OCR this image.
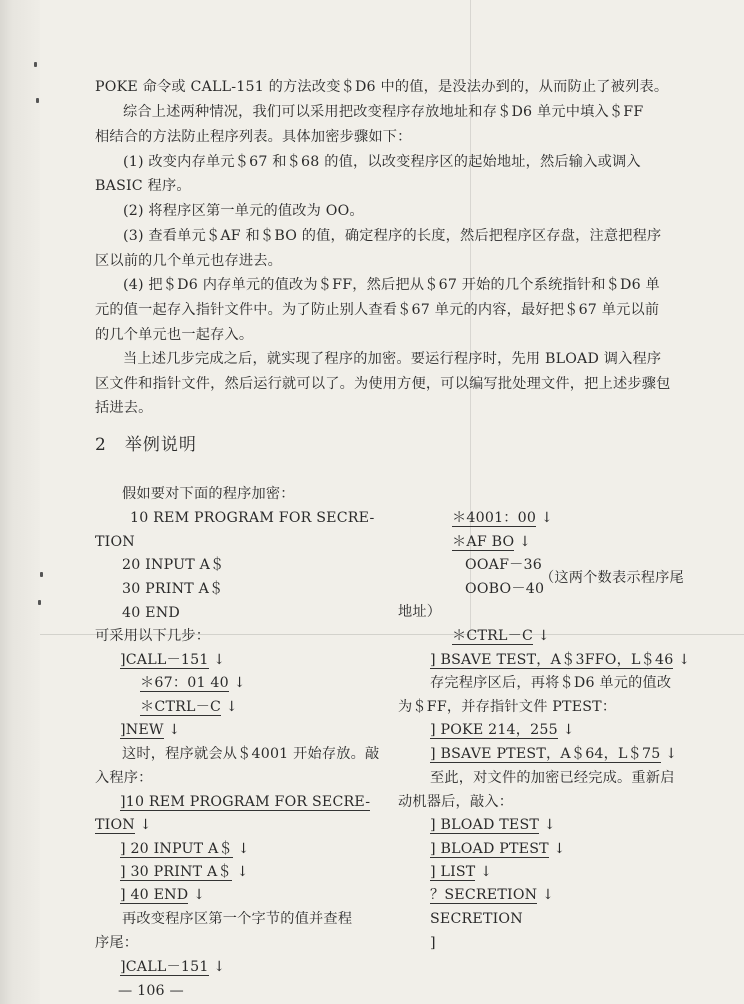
POKE 命令或 CALL-151 的方法改变＄D6 中的值，是没法办到的，从而防止了被列表。
综合上述两种情况，我们可以采用把改变程序存放地址和存＄D6 单元中填入＄FF
相结合的方法防止程序列表。具体加密步骤如下：
(1) 改变内存单元＄67 和＄68 的值，以改变程序区的起始地址，然后输入或调入
BASIC 程序。
(2) 将程序区第一单元的值改为 OO。
(3) 查看单元＄AF 和＄BO 的值，确定程序的长度，然后把程序区存盘，注意把程序
区以前的几个单元也存进去。
(4) 把＄D6 内存单元的值改为＄FF，然后把从＄67 开始的几个系统指针和＄D6 单
元的值一起存入指针文件中。为了防止别人查看＄67 单元的内容，最好把＄67 单元以前
的几个单元也一起存入。
当上述几步完成之后，就实现了程序的加密。要运行程序时，先用 BLOAD 调入程序
区文件和指针文件，然后运行就可以了。为使用方便，可以编写批处理文件，把上述步骤包
括进去。
2　举例说明
假如要对下面的程序加密：
10 REM PROGRAM FOR SECRE-
TION
20 INPUT A＄
30 PRINT A＄
40 END
可采用以下几步：
]CALL－151 ↓
＊67：01 40 ↓
＊CTRL－C ↓
]NEW ↓
这时，程序就会从＄4001 开始存放。敲
入程序：
]10 REM PROGRAM FOR SECRE-
TION ↓
] 20 INPUT A＄ ↓
] 30 PRINT A＄ ↓
] 40 END ↓
再改变程序区第一个字节的值并查程
序尾：
]CALL－151 ↓
＊4001：00 ↓
＊AF BO ↓
OOAF－36
OOBO－40
（这两个数表示程序尾
地址）
＊CTRL－C ↓
] BSAVE TEST，A＄3FFO，L＄46 ↓
存完程序区后，再将＄D6 单元的值改
为＄FF，并存指针文件 PTEST：
] POKE 214，255 ↓
] BSAVE PTEST，A＄64，L＄75 ↓
至此，对文件的加密已经完成。重新启
动机器后，敲入：
] BLOAD TEST ↓
] BLOAD PTEST ↓
] LIST ↓
？SECRETION ↓
SECRETION
]
— 106 —
